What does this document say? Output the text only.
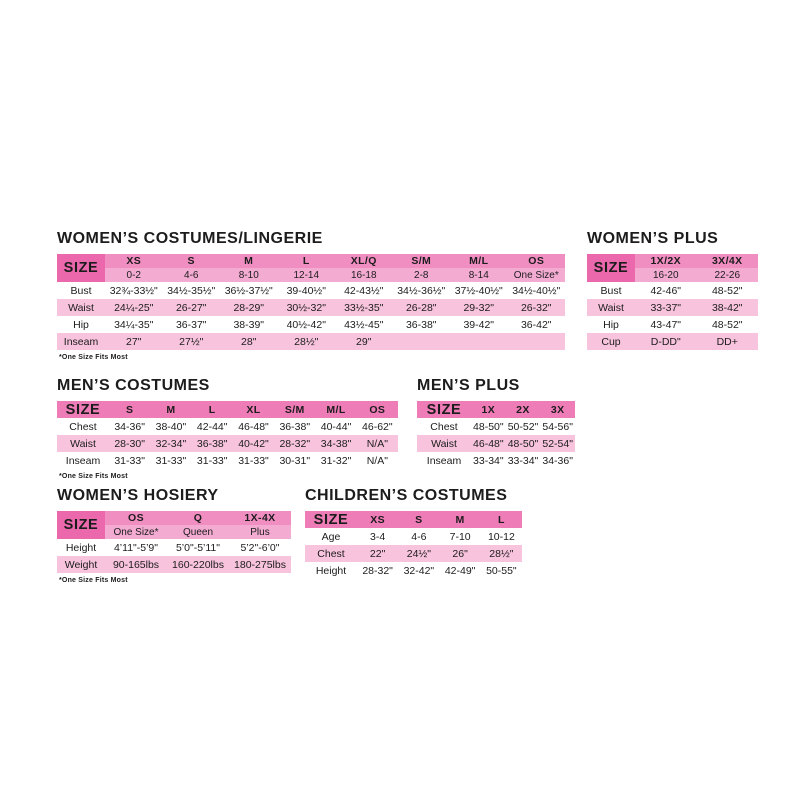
WOMEN’S COSTUMES/LINGERIE
SIZE	XS	S	M	L	XL/Q	S/M	M/L	OS
	0-2	4-6	8-10	12-14	16-18	2-8	8-14	One Size*
Bust	32¾-33½"	34½-35½"	36½-37½"	39-40½"	42-43½"	34½-36½"	37½-40½"	34½-40½"
Waist	24¼-25"	26-27"	28-29"	30½-32"	33½-35"	26-28"	29-32"	26-32"
Hip	34¼-35"	36-37"	38-39"	40½-42"	43½-45"	36-38"	39-42"	36-42"
Inseam	27"	27½"	28"	28½"	29"			
*One Size Fits Most
WOMEN’S PLUS
SIZE	1X/2X	3X/4X
	16-20	22-26
Bust	42-46"	48-52"
Waist	33-37"	38-42"
Hip	43-47"	48-52"
Cup	D-DD"	DD+
MEN’S COSTUMES
SIZE	S	M	L	XL	S/M	M/L	OS
Chest	34-36"	38-40"	42-44"	46-48"	36-38"	40-44"	46-62"
Waist	28-30"	32-34"	36-38"	40-42"	28-32"	34-38"	N/A"
Inseam	31-33"	31-33"	31-33"	31-33"	30-31"	31-32"	N/A"
*One Size Fits Most
MEN’S PLUS
SIZE	1X	2X	3X
Chest	48-50"	50-52"	54-56"
Waist	46-48"	48-50"	52-54"
Inseam	33-34"	33-34"	34-36"
WOMEN’S HOSIERY
SIZE	OS	Q	1X-4X
	One Size*	Queen	Plus
Height	4’11"-5’9"	5’0"-5’11"	5’2"-6’0"
Weight	90-165lbs	160-220lbs	180-275lbs
*One Size Fits Most
CHILDREN’S COSTUMES
SIZE	XS	S	M	L
Age	3-4	4-6	7-10	10-12
Chest	22"	24½"	26"	28½"
Height	28-32"	32-42"	42-49"	50-55"
